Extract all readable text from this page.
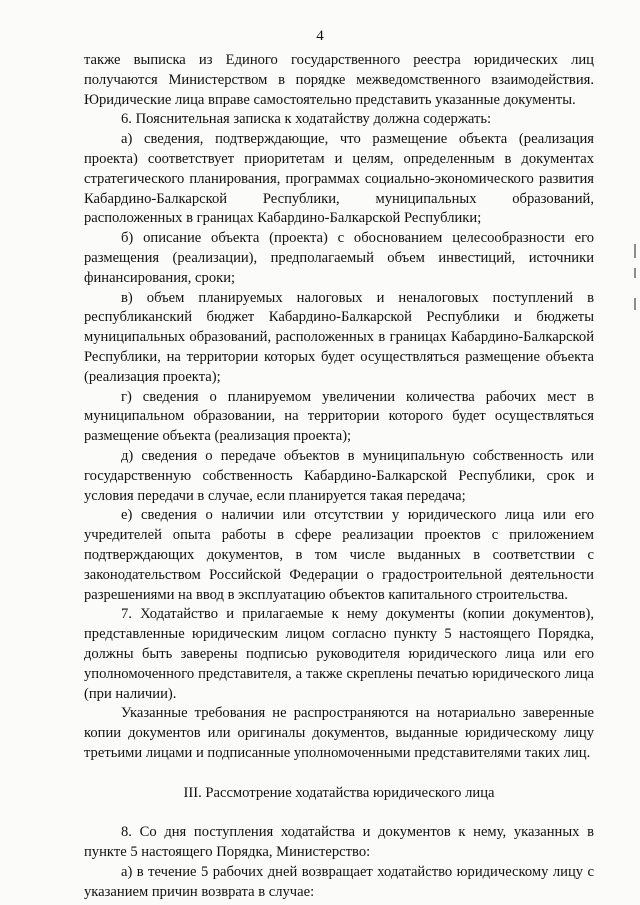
4

также выписка из Единого государственного реестра юридических лиц получаются Министерством в порядке межведомственного взаимодействия. Юридические лица вправе самостоятельно представить указанные документы.

6. Пояснительная записка к ходатайству должна содержать:

а) сведения, подтверждающие, что размещение объекта (реализация проекта) соответствует приоритетам и целям, определенным в документах стратегического планирования, программах социально-экономического развития Кабардино-Балкарской Республики, муниципальных образований, расположенных в границах Кабардино-Балкарской Республики;

б) описание объекта (проекта) с обоснованием целесообразности его размещения (реализации), предполагаемый объем инвестиций, источники финансирования, сроки;

в) объем планируемых налоговых и неналоговых поступлений в республиканский бюджет Кабардино-Балкарской Республики и бюджеты муниципальных образований, расположенных в границах Кабардино-Балкарской Республики, на территории которых будет осуществляться размещение объекта (реализация проекта);

г) сведения о планируемом увеличении количества рабочих мест в муниципальном образовании, на территории которого будет осуществляться размещение объекта (реализация проекта);

д) сведения о передаче объектов в муниципальную собственность или государственную собственность Кабардино-Балкарской Республики, срок и условия передачи в случае, если планируется такая передача;

е) сведения о наличии или отсутствии у юридического лица или его учредителей опыта работы в сфере реализации проектов с приложением подтверждающих документов, в том числе выданных в соответствии с законодательством Российской Федерации о градостроительной деятельности разрешениями на ввод в эксплуатацию объектов капитального строительства.

7. Ходатайство и прилагаемые к нему документы (копии документов), представленные юридическим лицом согласно пункту 5 настоящего Порядка, должны быть заверены подписью руководителя юридического лица или его уполномоченного представителя, а также скреплены печатью юридического лица (при наличии).

Указанные требования не распространяются на нотариально заверенные копии документов или оригиналы документов, выданные юридическому лицу третьими лицами и подписанные уполномоченными представителями таких лиц.

III. Рассмотрение ходатайства юридического лица

8. Со дня поступления ходатайства и документов к нему, указанных в пункте 5 настоящего Порядка, Министерство:

а) в течение 5 рабочих дней возвращает ходатайство юридическому лицу с указанием причин возврата в случае:
